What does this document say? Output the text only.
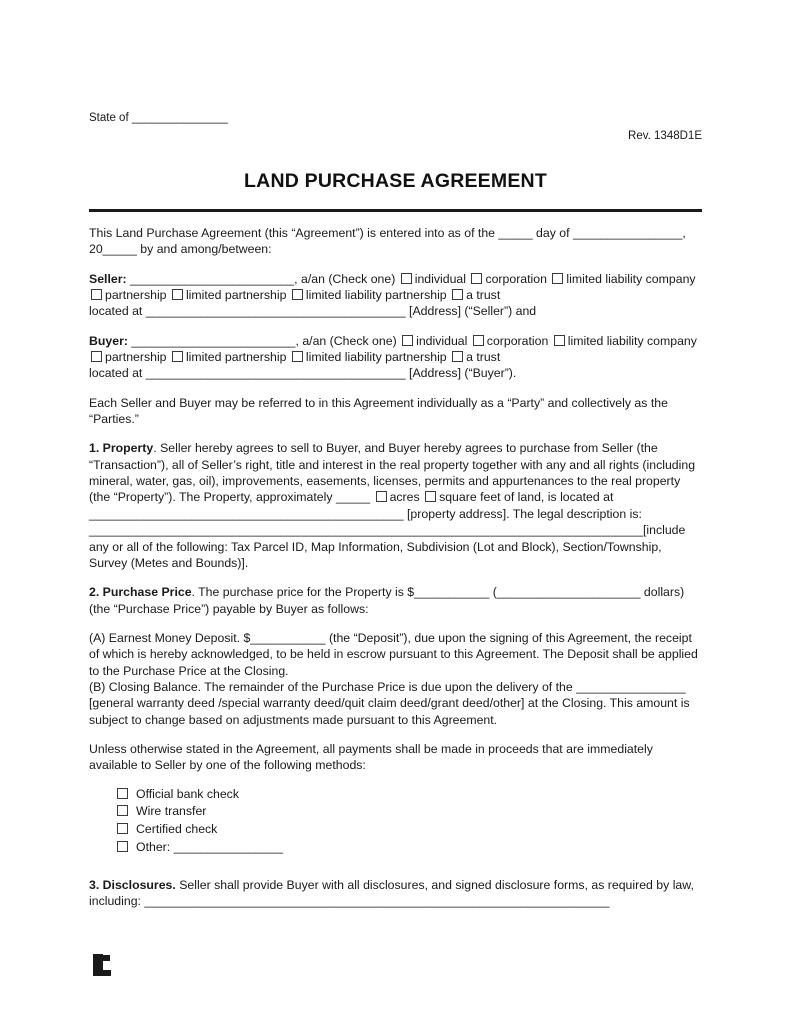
State of _______________
Rev. 1348D1E
LAND PURCHASE AGREEMENT

This Land Purchase Agreement (this “Agreement”) is entered into as of the _____ day of ________________, 20_____ by and among/between:

Seller: ________________________, a/an (Check one) individual corporation limited liability company partnership limited partnership limited liability partnership a trust
located at ______________________________________ [Address] (“Seller”) and

Buyer: ________________________, a/an (Check one) individual corporation limited liability company partnership limited partnership limited liability partnership a trust
located at ______________________________________ [Address] (“Buyer”).

Each Seller and Buyer may be referred to in this Agreement individually as a “Party” and collectively as the “Parties.”

1. Property. Seller hereby agrees to sell to Buyer, and Buyer hereby agrees to purchase from Seller (the “Transaction”), all of Seller’s right, title and interest in the real property together with any and all rights (including mineral, water, gas, oil), improvements, easements, licenses, permits and appurtenances to the real property (the “Property”). The Property, approximately _____ acres square feet of land, is located at ______________________________________________ [property address]. The legal description is: _________________________________________________________________________________[include any or all of the following: Tax Parcel ID, Map Information, Subdivision (Lot and Block), Section/Township, Survey (Metes and Bounds)].

2. Purchase Price. The purchase price for the Property is $___________ (_____________________ dollars) (the “Purchase Price”) payable by Buyer as follows:

(A) Earnest Money Deposit. $___________ (the “Deposit”), due upon the signing of this Agreement, the receipt of which is hereby acknowledged, to be held in escrow pursuant to this Agreement. The Deposit shall be applied to the Purchase Price at the Closing.

(B) Closing Balance. The remainder of the Purchase Price is due upon the delivery of the ________________ [general warranty deed /special warranty deed/quit claim deed/grant deed/other] at the Closing. This amount is subject to change based on adjustments made pursuant to this Agreement.

Unless otherwise stated in the Agreement, all payments shall be made in proceeds that are immediately available to Seller by one of the following methods:

Official bank check
Wire transfer
Certified check
Other: ________________

3. Disclosures. Seller shall provide Buyer with all disclosures, and signed disclosure forms, as required by law, including: ____________________________________________________________________
